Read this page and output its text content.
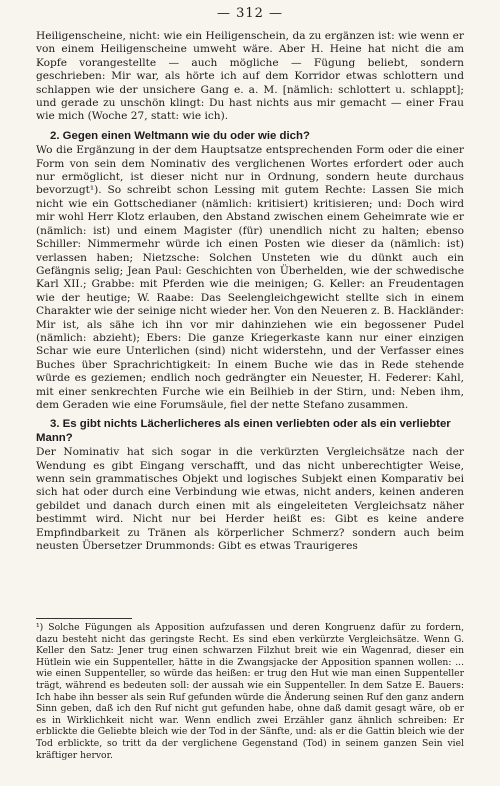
— 312 —

Heiligenscheine, nicht: wie ein Heiligenschein, da zu ergänzen ist: wie wenn er von einem Heiligenscheine umweht wäre. Aber H. Heine hat nicht die am Kopfe vorangestellte — auch mögliche — Fügung beliebt, sondern geschrieben: Mir war, als hörte ich auf dem Korridor etwas schlottern und schlappen wie der unsichere Gang e. a. M. [nämlich: schlottert u. schlappt]; und gerade zu unschön klingt: Du hast nichts aus mir gemacht — einer Frau wie mich (Woche 27, statt: wie ich).

2. Gegen einen Weltmann wie du oder wie dich?

Wo die Ergänzung in der dem Hauptsatze entsprechenden Form oder die einer Form von sein dem Nominativ des verglichenen Wortes erfordert oder auch nur ermöglicht, ist dieser nicht nur in Ordnung, sondern heute durchaus bevorzugt¹). So schreibt schon Lessing mit gutem Rechte: Lassen Sie mich nicht wie ein Gottschedianer (nämlich: kritisiert) kritisieren; und: Doch wird mir wohl Herr Klotz erlauben, den Abstand zwischen einem Geheimrate wie er (nämlich: ist) und einem Magister (für) unendlich nicht zu halten; ebenso Schiller: Nimmermehr würde ich einen Posten wie dieser da (nämlich: ist) verlassen haben; Nietzsche: Solchen Unsteten wie du dünkt auch ein Gefängnis selig; Jean Paul: Geschichten von Überhelden, wie der schwedische Karl XII.; Grabbe: mit Pferden wie die meinigen; G. Keller: an Freudentagen wie der heutige; W. Raabe: Das Seelengleichgewicht stellte sich in einem Charakter wie der seinige nicht wieder her. Von den Neueren z. B. Hackländer: Mir ist, als sähe ich ihn vor mir dahinziehen wie ein begossener Pudel (nämlich: abzieht); Ebers: Die ganze Kriegerkaste kann nur einer einzigen Schar wie eure Unterlichen (sind) nicht widerstehn, und der Verfasser eines Buches über Sprachrichtigkeit: In einem Buche wie das in Rede stehende würde es geziemen; endlich noch gedrängter ein Neuester, H. Federer: Kahl, mit einer senkrechten Furche wie ein Beilhieb in der Stirn, und: Neben ihm, dem Geraden wie eine Forumsäule, fiel der nette Stefano zusammen.

3. Es gibt nichts Lächerlicheres als einen verliebten oder als ein verliebter Mann?

Der Nominativ hat sich sogar in die verkürzten Vergleichsätze nach der Wendung es gibt Eingang verschafft, und das nicht unberechtigter Weise, wenn sein grammatisches Objekt und logisches Subjekt einen Komparativ bei sich hat oder durch eine Verbindung wie etwas, nicht anders, keinen anderen gebildet und danach durch einen mit als eingeleiteten Vergleichsatz näher bestimmt wird. Nicht nur bei Herder heißt es: Gibt es keine andere Empfindbarkeit zu Tränen als körperlicher Schmerz? sondern auch beim neusten Übersetzer Drummonds: Gibt es etwas Traurigeres

¹) Solche Fügungen als Apposition aufzufassen und deren Kongruenz dafür zu fordern, dazu besteht nicht das geringste Recht. Es sind eben verkürzte Vergleichsätze. Wenn G. Keller den Satz: Jener trug einen schwarzen Filzhut breit wie ein Wagenrad, dieser ein Hütlein wie ein Suppenteller, hätte in die Zwangsjacke der Apposition spannen wollen: ... wie einen Suppenteller, so würde das heißen: er trug den Hut wie man einen Suppenteller trägt, während es bedeuten soll: der aussah wie ein Suppenteller. In dem Satze E. Bauers: Ich habe ihn besser als sein Ruf gefunden würde die Änderung seinen Ruf den ganz andern Sinn geben, daß ich den Ruf nicht gut gefunden habe, ohne daß damit gesagt wäre, ob er es in Wirklichkeit nicht war. Wenn endlich zwei Erzähler ganz ähnlich schreiben: Er erblickte die Geliebte bleich wie der Tod in der Sänfte, und: als er die Gattin bleich wie der Tod erblickte, so tritt da der verglichene Gegenstand (Tod) in seinem ganzen Sein viel kräftiger hervor.
